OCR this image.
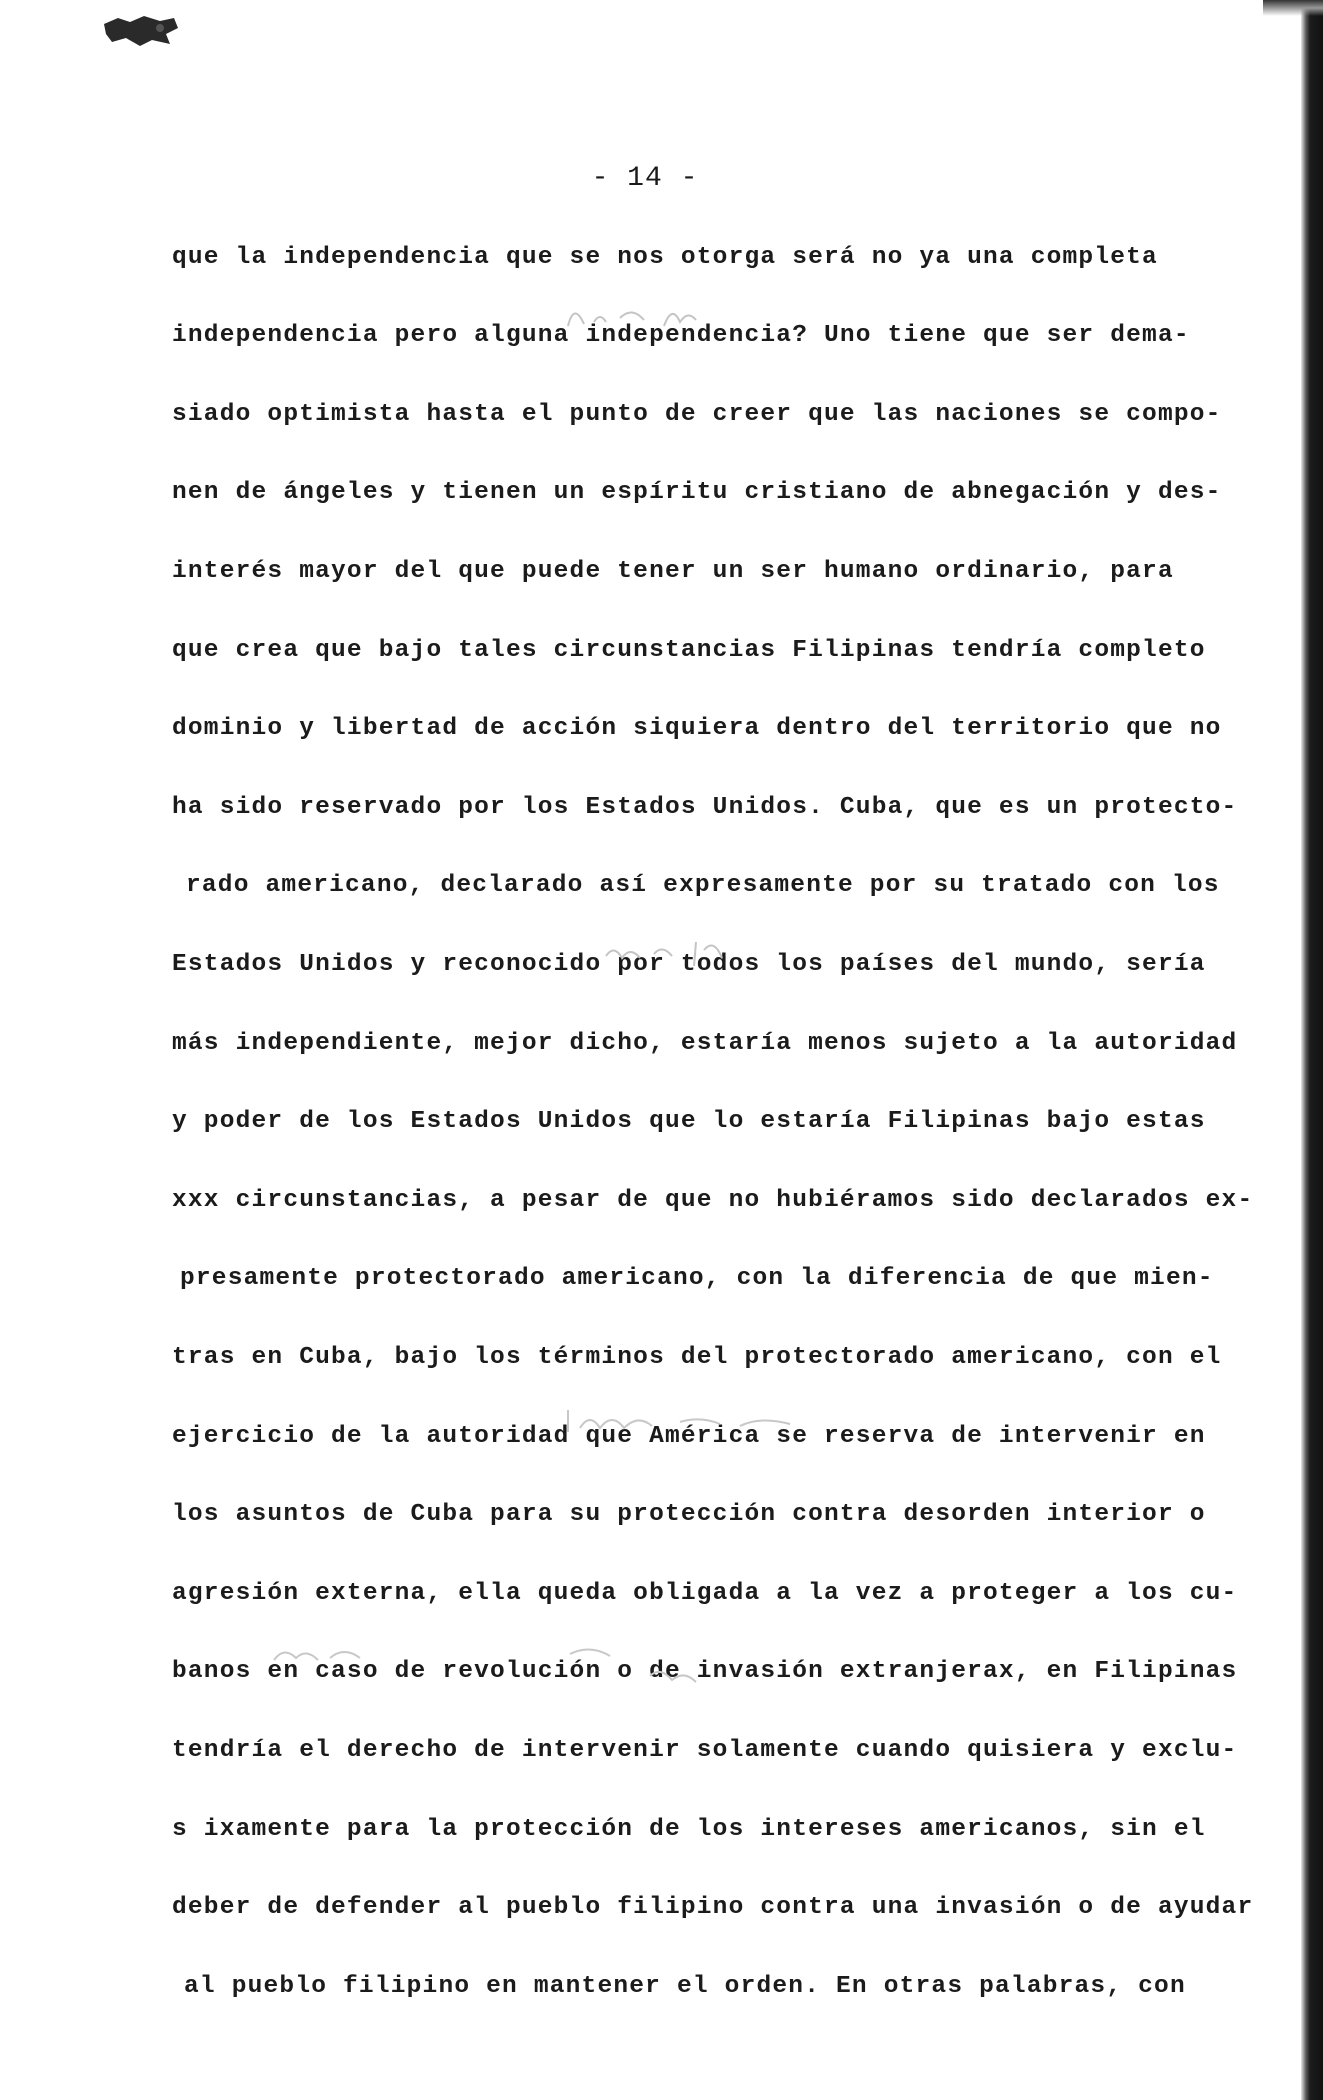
- 14 -
que la independencia que se nos otorga será no ya una completa
independencia pero alguna independencia? Uno tiene que ser dema-
siado optimista hasta el punto de creer que las naciones se compo-
nen de ángeles y tienen un espíritu cristiano de abnegación y des-
interés mayor del que puede tener un ser humano ordinario, para
que crea que bajo tales circunstancias Filipinas tendría completo
dominio y libertad de acción siquiera dentro del territorio que no
ha sido reservado por los Estados Unidos. Cuba, que es un protecto-
rado americano, declarado así expresamente por su tratado con los
Estados Unidos y reconocido por todos los países del mundo, sería
más independiente, mejor dicho, estaría menos sujeto a la autoridad
y poder de los Estados Unidos que lo estaría Filipinas bajo estas
xxx circunstancias, a pesar de que no hubiéramos sido declarados ex-
presamente protectorado americano, con la diferencia de que mien-
tras en Cuba, bajo los términos del protectorado americano, con el
ejercicio de la autoridad que América se reserva de intervenir en
los asuntos de Cuba para su protección contra desorden interior o
agresión externa, ella queda obligada a la vez a proteger a los cu-
banos en caso de revolución o de invasión extranjerax, en Filipinas
tendría el derecho de intervenir solamente cuando quisiera y exclu-
s ixamente para la protección de los intereses americanos, sin el
deber de defender al pueblo filipino contra una invasión o de ayudar
al pueblo filipino en mantener el orden. En otras palabras, con
